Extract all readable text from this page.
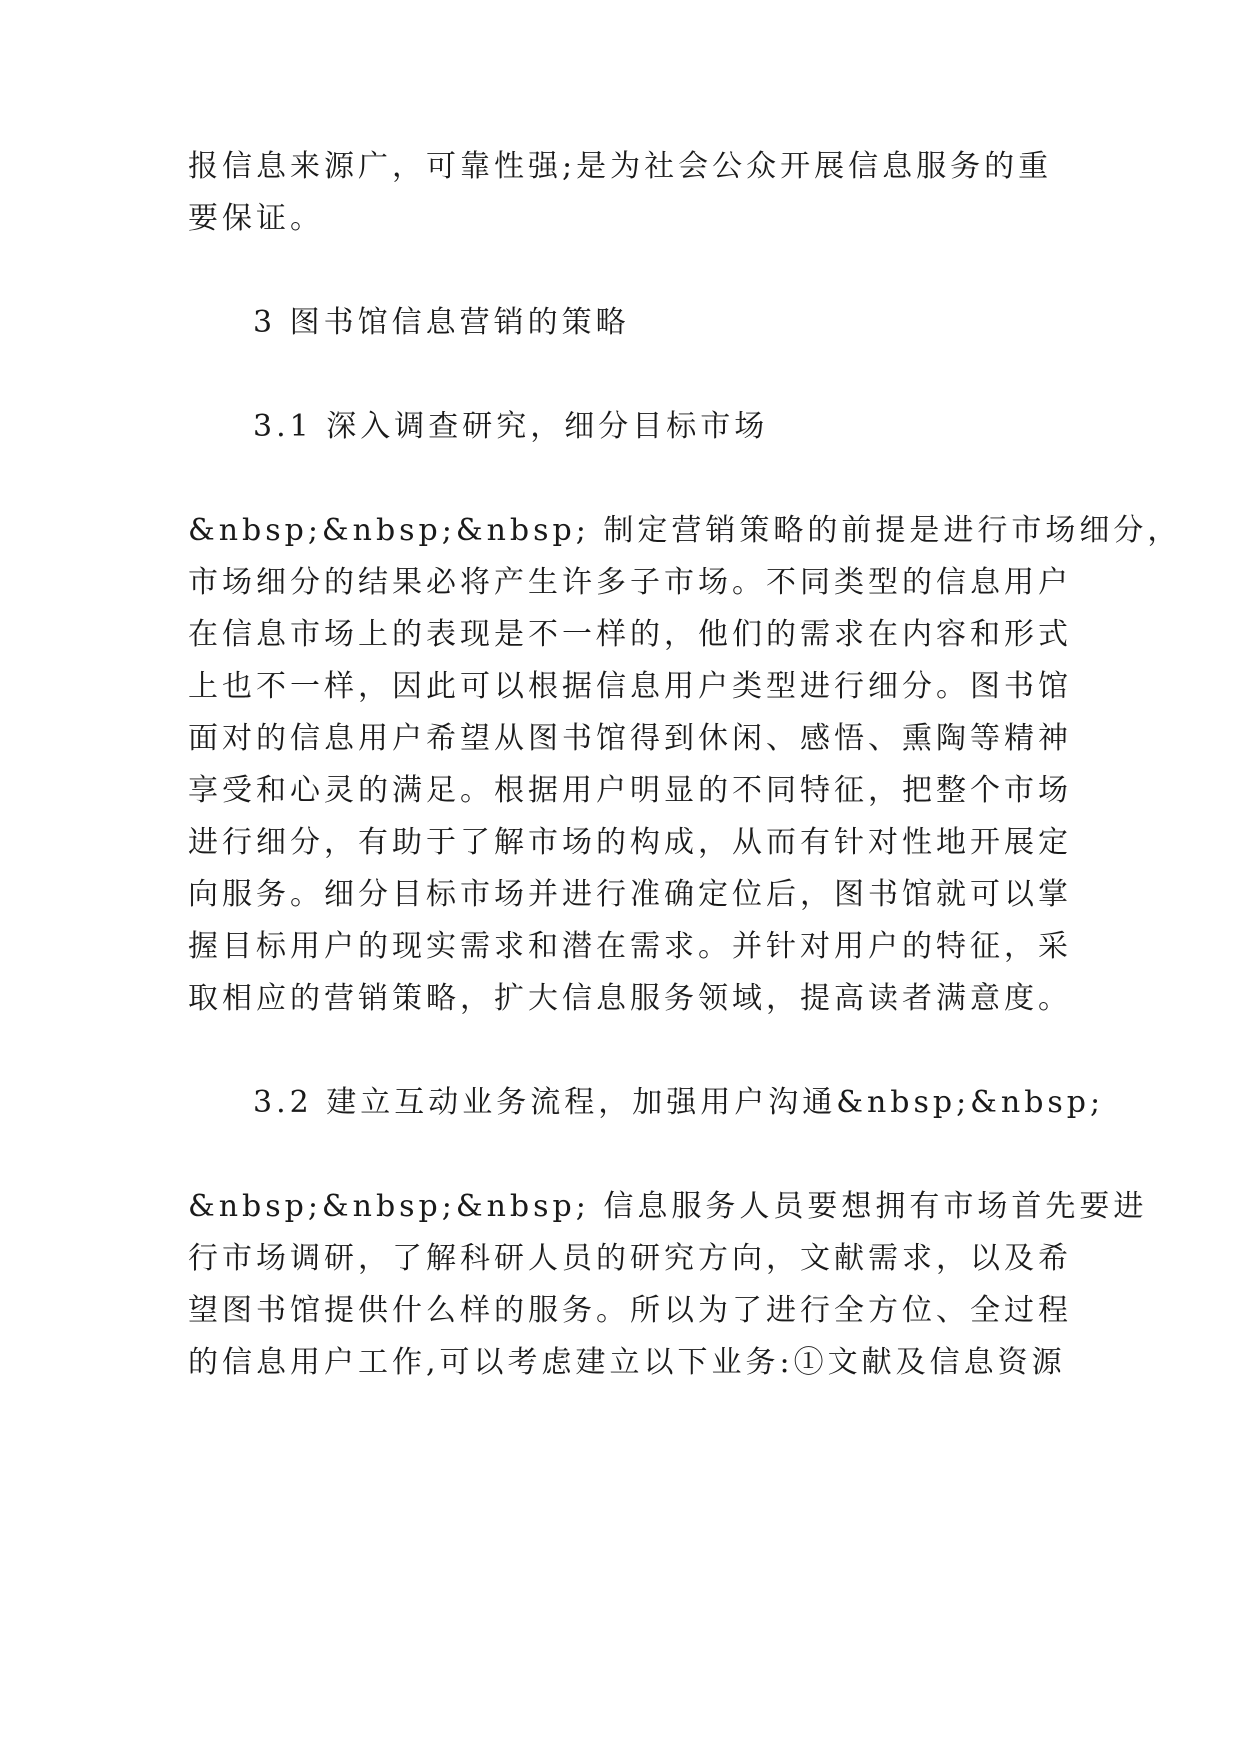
报信息来源广，可靠性强;是为社会公众开展信息服务的重
要保证。
3 图书馆信息营销的策略
3.1 深入调查研究，细分目标市场
&nbsp;&nbsp;&nbsp; 制定营销策略的前提是进行市场细分，
市场细分的结果必将产生许多子市场。不同类型的信息用户
在信息市场上的表现是不一样的，他们的需求在内容和形式
上也不一样，因此可以根据信息用户类型进行细分。图书馆
面对的信息用户希望从图书馆得到休闲、感悟、熏陶等精神
享受和心灵的满足。根据用户明显的不同特征，把整个市场
进行细分，有助于了解市场的构成，从而有针对性地开展定
向服务。细分目标市场并进行准确定位后，图书馆就可以掌
握目标用户的现实需求和潜在需求。并针对用户的特征，采
取相应的营销策略，扩大信息服务领域，提高读者满意度。
3.2 建立互动业务流程，加强用户沟通&nbsp;&nbsp;
&nbsp;&nbsp;&nbsp; 信息服务人员要想拥有市场首先要进
行市场调研，了解科研人员的研究方向，文献需求，以及希
望图书馆提供什么样的服务。所以为了进行全方位、全过程
的信息用户工作,可以考虑建立以下业务:①文献及信息资源
